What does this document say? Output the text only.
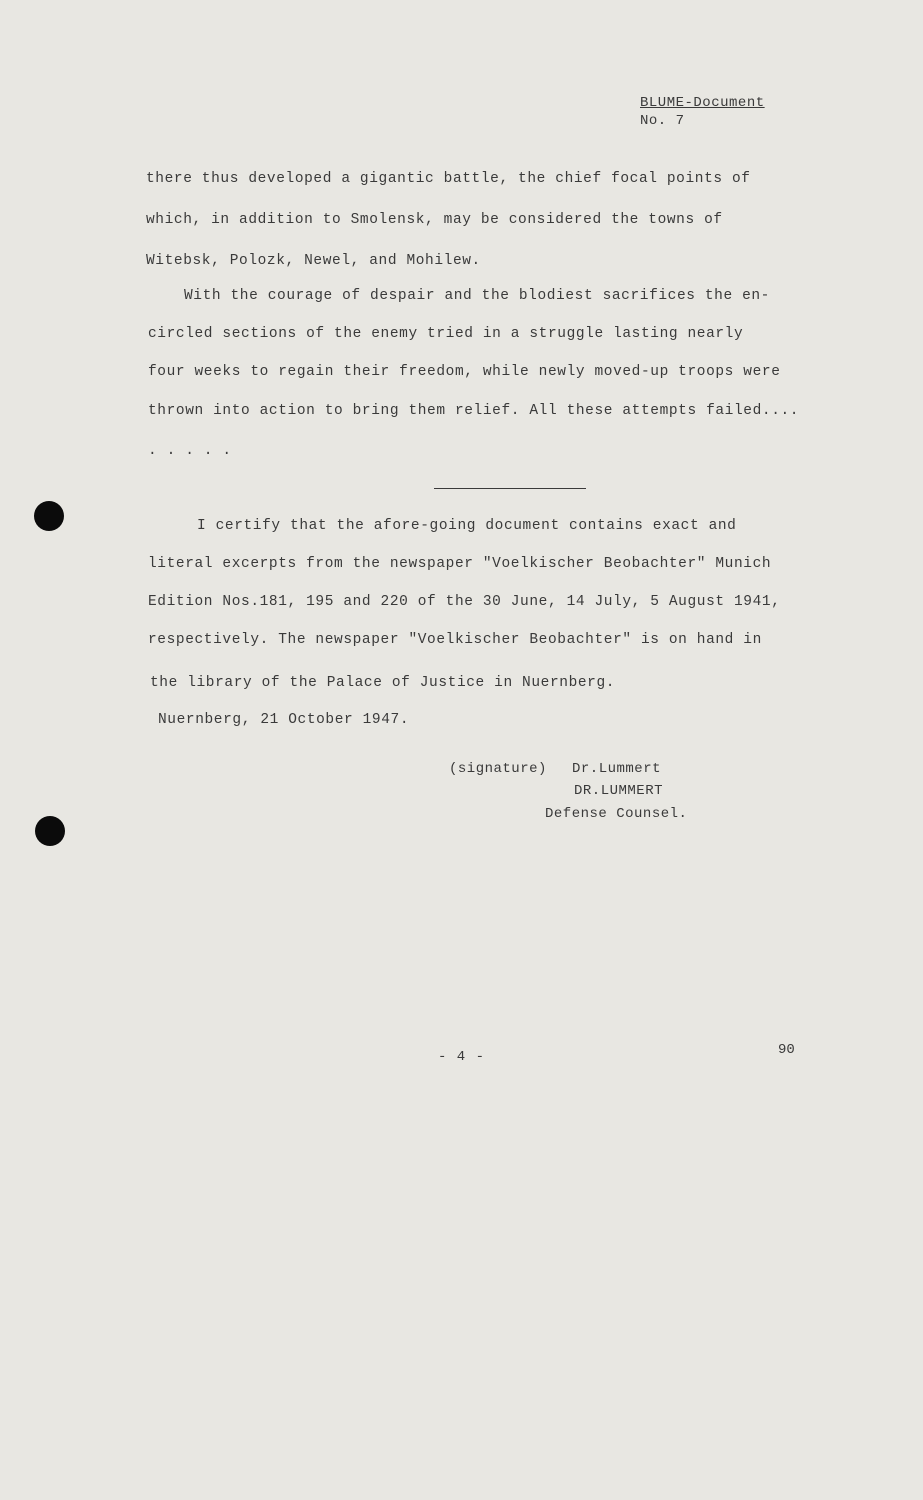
BLUME-Document
No. 7
there thus developed a gigantic battle, the chief focal points of
which, in addition to Smolensk, may be considered the towns of
Witebsk, Polozk, Newel, and Mohilew.
With the courage of despair and the blodiest sacrifices the en-
circled sections of the enemy tried in a struggle lasting nearly
four weeks to regain their freedom, while newly moved-up troops were
thrown into action to bring them relief. All these attempts failed....
. . . . .
I certify that the afore-going document contains exact and
literal excerpts from the newspaper "Voelkischer Beobachter" Munich
Edition Nos.181, 195 and 220 of the 30 June, 14 July, 5 August 1941,
respectively. The newspaper "Voelkischer Beobachter" is on hand in
the library of the Palace of Justice in Nuernberg.
Nuernberg, 21 October 1947.
(signature) Dr.Lummert
DR.LUMMERT
Defense Counsel.
- 4 -	90
